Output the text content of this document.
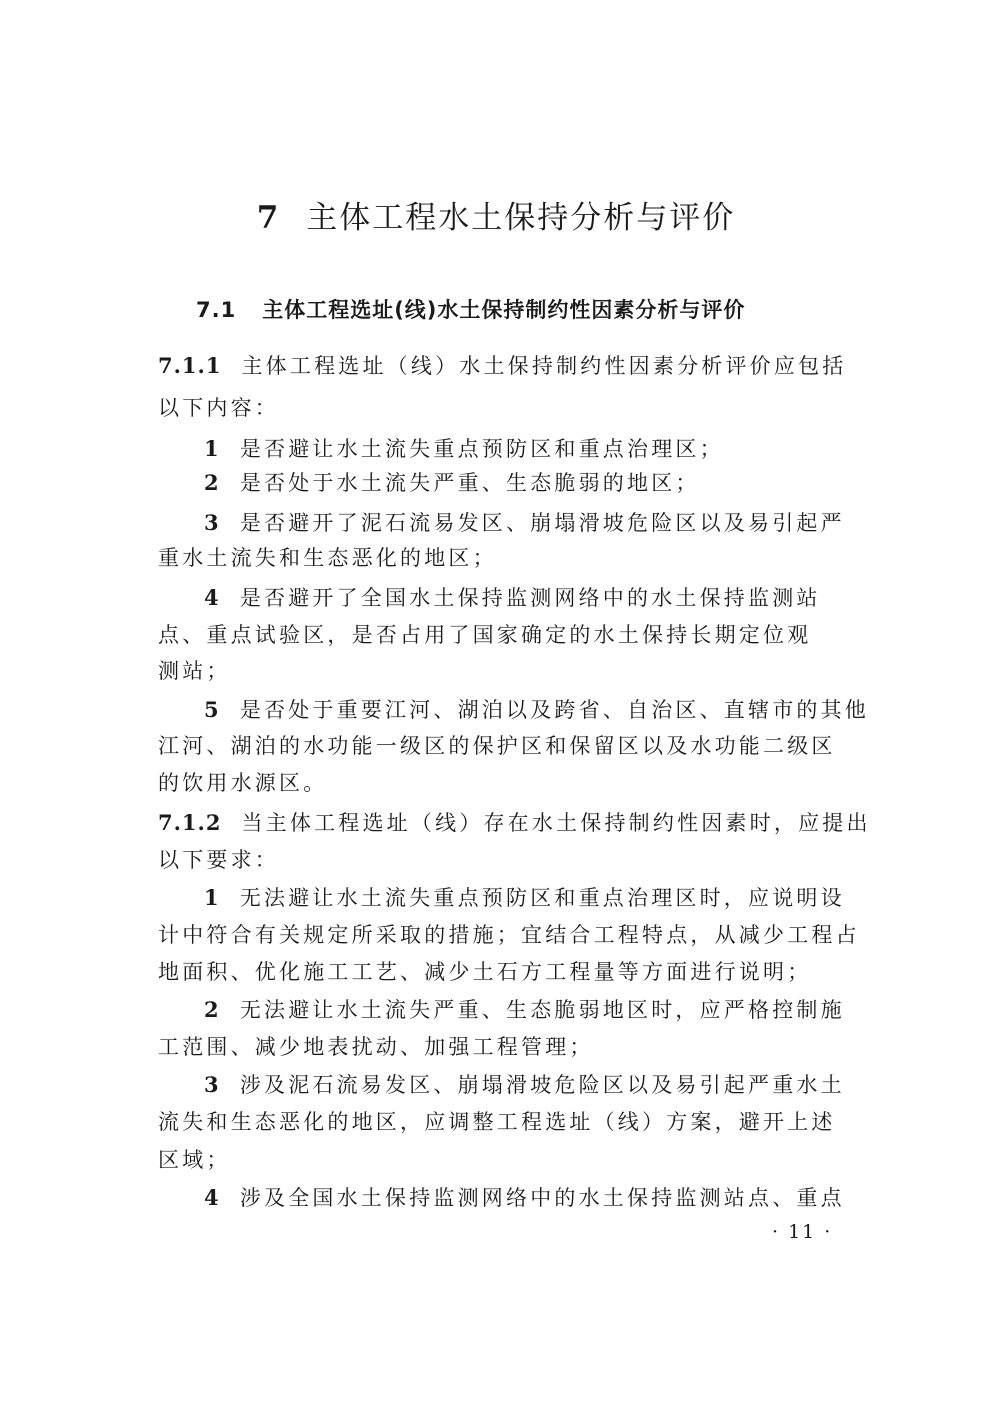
7 主体工程水土保持分析与评价
7.1 主体工程选址(线)水土保持制约性因素分析与评价
7.1.1 主体工程选址（线）水土保持制约性因素分析评价应包括
以下内容：
1 是否避让水土流失重点预防区和重点治理区；
2 是否处于水土流失严重、生态脆弱的地区；
3 是否避开了泥石流易发区、崩塌滑坡危险区以及易引起严
重水土流失和生态恶化的地区；
4 是否避开了全国水土保持监测网络中的水土保持监测站
点、重点试验区，是否占用了国家确定的水土保持长期定位观
测站；
5 是否处于重要江河、湖泊以及跨省、自治区、直辖市的其他
江河、湖泊的水功能一级区的保护区和保留区以及水功能二级区
的饮用水源区。
7.1.2 当主体工程选址（线）存在水土保持制约性因素时，应提出
以下要求：
1 无法避让水土流失重点预防区和重点治理区时，应说明设
计中符合有关规定所采取的措施；宜结合工程特点，从减少工程占
地面积、优化施工工艺、减少土石方工程量等方面进行说明；
2 无法避让水土流失严重、生态脆弱地区时，应严格控制施
工范围、减少地表扰动、加强工程管理；
3 涉及泥石流易发区、崩塌滑坡危险区以及易引起严重水土
流失和生态恶化的地区，应调整工程选址（线）方案，避开上述
区域；
4 涉及全国水土保持监测网络中的水土保持监测站点、重点
· 11 ·
